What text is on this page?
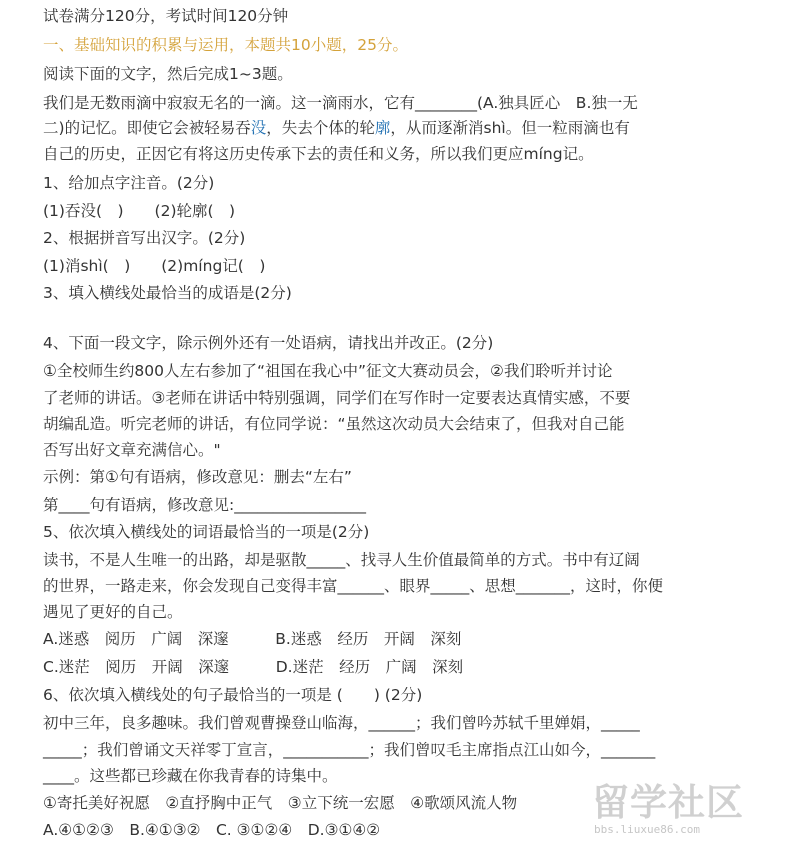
试卷满分120分，考试时间120分钟
一、基础知识的积累与运用，本题共10小题，25分。
阅读下面的文字，然后完成1~3题。
我们是无数雨滴中寂寂无名的一滴。这一滴雨水，它有________(A.独具匠心　B.独一无
二)的记忆。即使它会被轻易吞没，失去个体的轮廓，从而逐渐消shì。但一粒雨滴也有
自己的历史，正因它有将这历史传承下去的责任和义务，所以我们更应míng记。
1、给加点字注音。(2分)
(1)吞没(　)　　(2)轮廓(　)
2、根据拼音写出汉字。(2分)
(1)消shì(　)　　(2)míng记(　)
3、填入横线处最恰当的成语是(2分)
4、下面一段文字，除示例外还有一处语病，请找出并改正。(2分)
①全校师生约800人左右参加了“祖国在我心中”征文大赛动员会，②我们聆听并讨论
了老师的讲话。③老师在讲话中特别强调，同学们在写作时一定要表达真情实感，不要
胡编乱造。听完老师的讲话，有位同学说：“虽然这次动员大会结束了，但我对自己能
否写出好文章充满信心。"
示例：第①句有语病，修改意见：删去“左右”
第____句有语病，修改意见:_________________
5、依次填入横线处的词语最恰当的一项是(2分)
读书，不是人生唯一的出路，却是驱散_____、找寻人生价值最简单的方式。书中有辽阔
的世界，一路走来，你会发现自己变得丰富______、眼界_____、思想_______，这时，你便
遇见了更好的自己。
A.迷惑　阅历　广阔　深邃　　　B.迷惑　经历　开阔　深刻
C.迷茫　阅历　开阔　深邃　　　D.迷茫　经历　广阔　深刻
6、依次填入横线处的句子最恰当的一项是 (　　) (2分)
初中三年，良多趣味。我们曾观曹操登山临海，______；我们曾吟苏轼千里婵娟，_____
_____；我们曾诵文天祥零丁宣言，___________；我们曾叹毛主席指点江山如今，_______
____。这些都已珍藏在你我青春的诗集中。
①寄托美好祝愿　②直抒胸中正气　③立下统一宏愿　④歌颂风流人物
A.④①②③　B.④①③②　C. ③①②④　D.③①④②
留学社区
bbs.liuxue86.com
